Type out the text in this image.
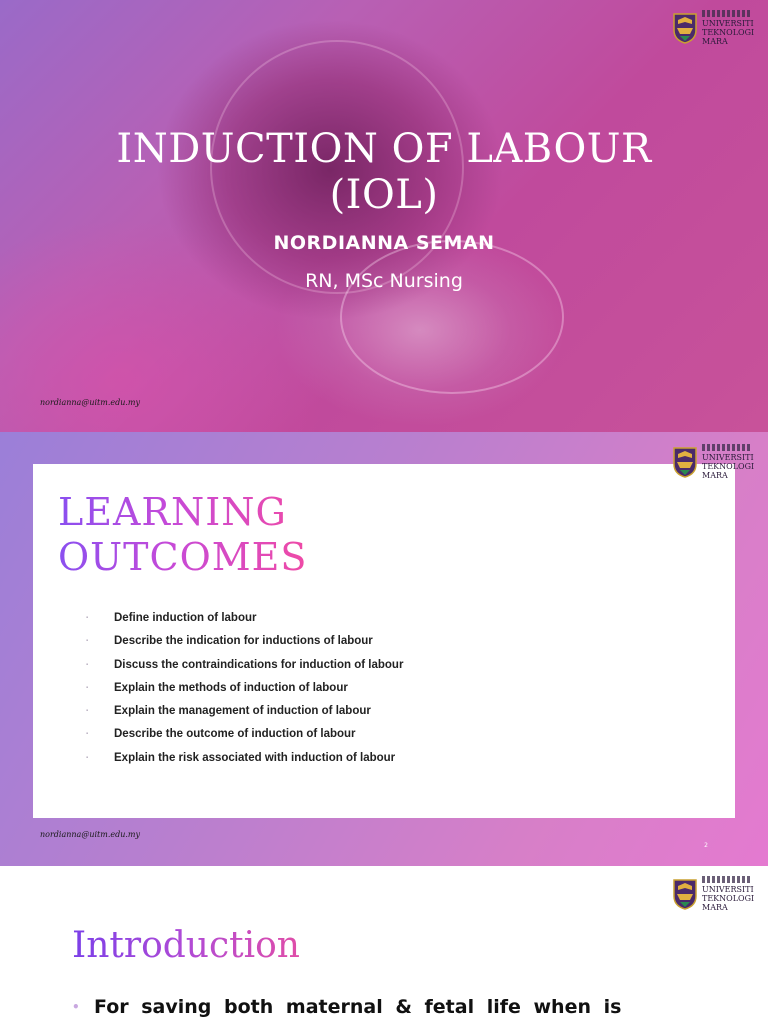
UNIVERSITI
TEKNOLOGI
MARA
INDUCTION OF LABOUR
(IOL)
NORDIANNA SEMAN
RN, MSc Nursing
nordianna@uitm.edu.my
UNIVERSITI
TEKNOLOGI
MARA
LEARNING
OUTCOMES
▪ Define induction of labour
▪ Describe the indication for inductions of labour
▪ Discuss the contraindications for induction of labour
▪ Explain the methods of induction of labour
▪ Explain the management of induction of labour
▪ Describe the outcome of induction of labour
▪ Explain the risk associated with induction of labour
nordianna@uitm.edu.my
2
UNIVERSITI
TEKNOLOGI
MARA
Introduction
• For saving both maternal & fetal life when is
